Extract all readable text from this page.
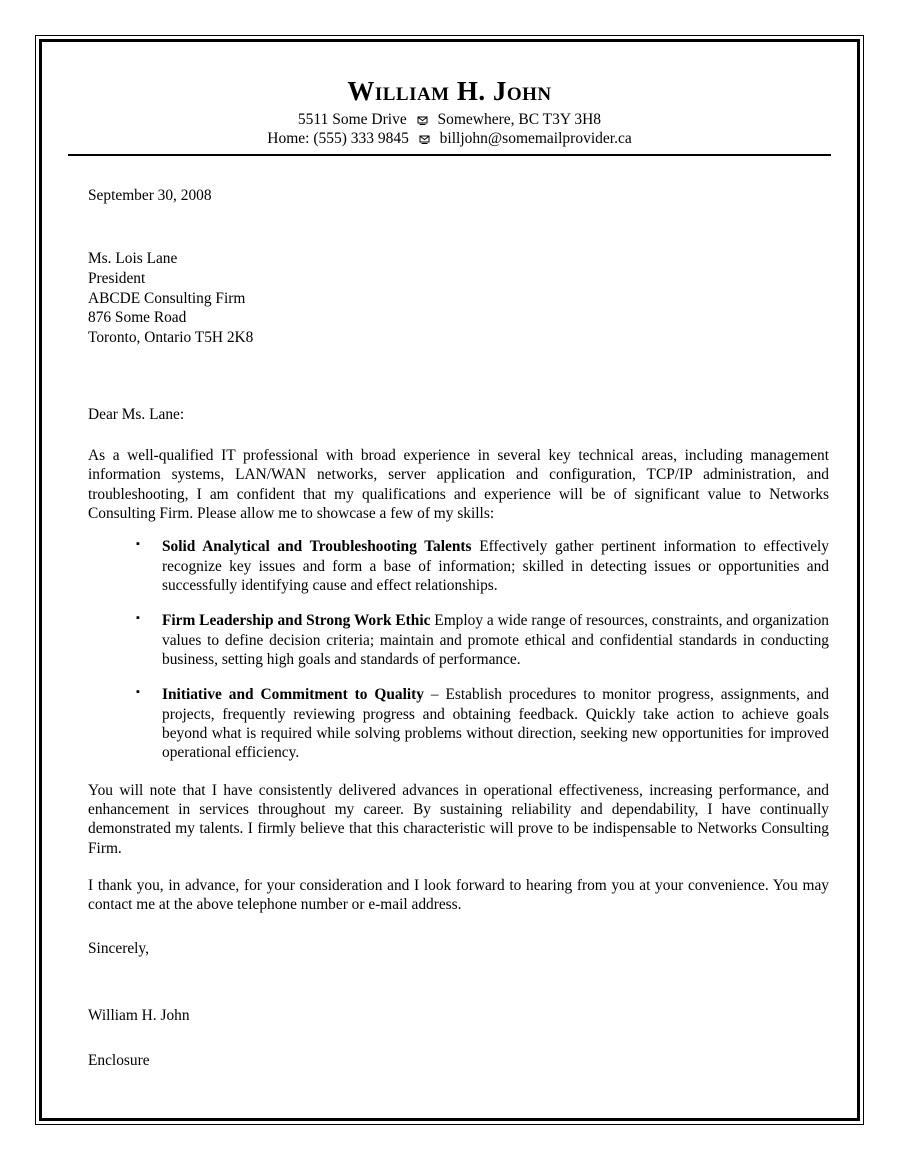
William H. John
5511 Some Drive Somewhere, BC T3Y 3H8
Home: (555) 333 9845 billjohn@somemailprovider.ca
September 30, 2008
Ms. Lois Lane
President
ABCDE Consulting Firm
876 Some Road
Toronto, Ontario T5H 2K8
Dear Ms. Lane:

As a well-qualified IT professional with broad experience in several key technical areas, including management information systems, LAN/WAN networks, server application and configuration, TCP/IP administration, and troubleshooting, I am confident that my qualifications and experience will be of significant value to Networks Consulting Firm. Please allow me to showcase a few of my skills:

▪ Solid Analytical and Troubleshooting Talents Effectively gather pertinent information to effectively recognize key issues and form a base of information; skilled in detecting issues or opportunities and successfully identifying cause and effect relationships.
▪ Firm Leadership and Strong Work Ethic Employ a wide range of resources, constraints, and organization values to define decision criteria; maintain and promote ethical and confidential standards in conducting business, setting high goals and standards of performance.
▪ Initiative and Commitment to Quality – Establish procedures to monitor progress, assignments, and projects, frequently reviewing progress and obtaining feedback. Quickly take action to achieve goals beyond what is required while solving problems without direction, seeking new opportunities for improved operational efficiency.

You will note that I have consistently delivered advances in operational effectiveness, increasing performance, and enhancement in services throughout my career. By sustaining reliability and dependability, I have continually demonstrated my talents. I firmly believe that this characteristic will prove to be indispensable to Networks Consulting Firm.

I thank you, in advance, for your consideration and I look forward to hearing from you at your convenience. You may contact me at the above telephone number or e-mail address.

Sincerely,
William H. John
Enclosure
